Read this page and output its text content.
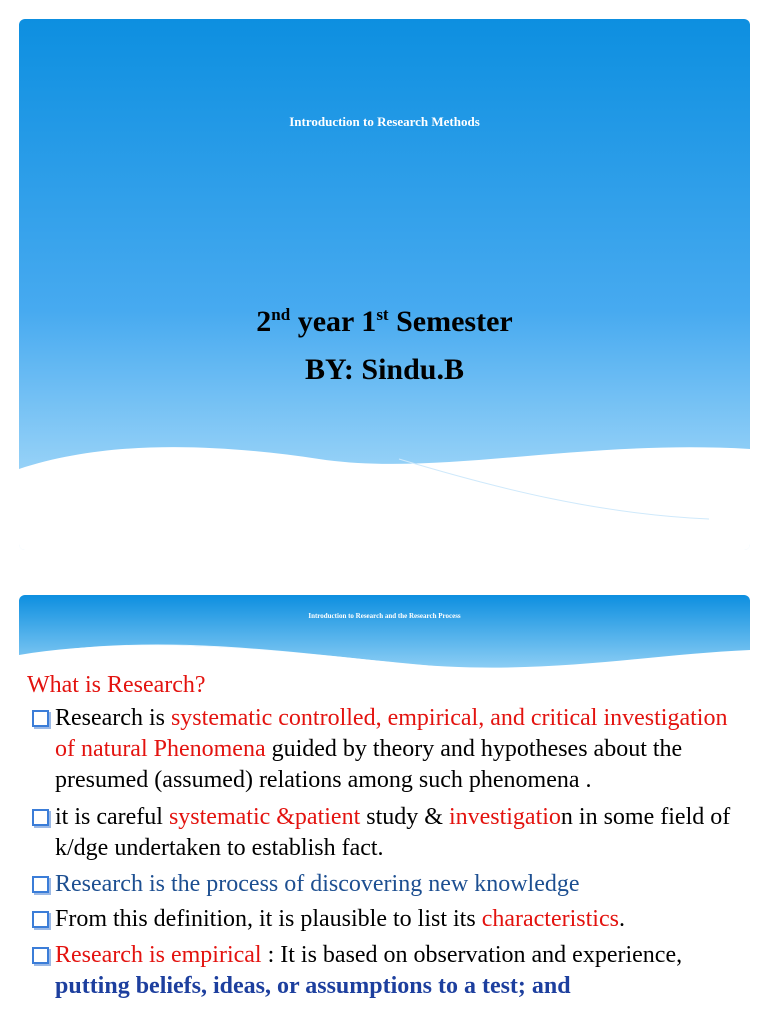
Introduction to Research Methods
2nd year 1st Semester
BY: Sindu.B
Introduction to Research and the Research Process
What is Research?
Research is systematic controlled, empirical, and critical investigation of natural Phenomena guided by theory and hypotheses about the presumed (assumed) relations among such phenomena .
it is careful systematic &patient study & investigation in some field of k/dge undertaken to establish fact.
Research is the process of discovering new knowledge
From this definition, it is plausible to list its characteristics.
Research is empirical : It is based on observation and experience,
putting beliefs, ideas, or assumptions to a test; and
